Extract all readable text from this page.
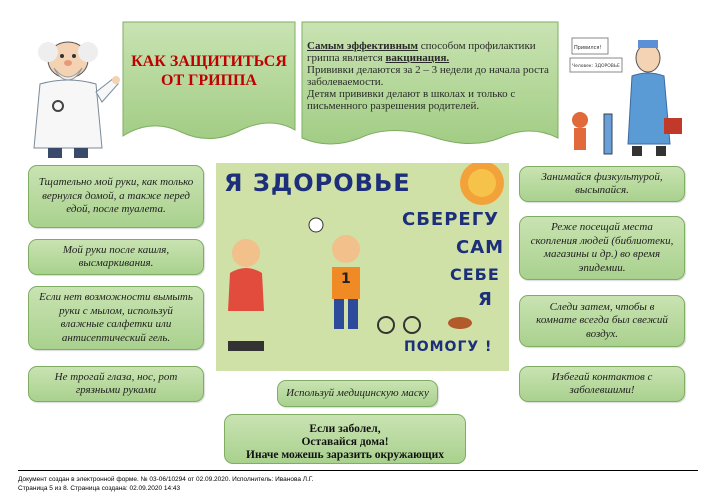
КАК ЗАЩИТИТЬСЯ ОТ ГРИППА

Самым эффективным способом профилактики гриппа является вакцинация.

Прививки делаются за 2 – 3 недели до начала роста заболеваемости.

Детям прививки делают в школах и только с письменного разрешения родителей.

Привился!
Человек: ЗДОРОВЬЕ
Я ЗДОРОВЬЕ
СБЕРЕГУ
САМ
СЕБЕ
Я
ПОМОГУ !
1
Тщательно мой руки, как только вернулся домой, а также перед едой, после туалета.
Мой руки после кашля, высмаркивания.
Если нет возможности вымыть руки с мылом, используй влажные салфетки или антисептический гель.
Не трогай глаза, нос, рот грязными руками
Занимайся физкультурой, высыпайся.
Реже посещай места скопления людей (библиотеки, магазины и др.) во время эпидемии.
Следи затем, чтобы в комнате всегда был свежий воздух.
Избегай контактов с заболевшими!
Используй медицинскую маску
Если заболел,
Оставайся дома!
Иначе можешь заразить окружающих
Документ создан в электронной форме. № 03-06/10294 от 02.09.2020. Исполнитель: Иванова Л.Г.
Страница 5 из 8. Страница создана: 02.09.2020 14:43
